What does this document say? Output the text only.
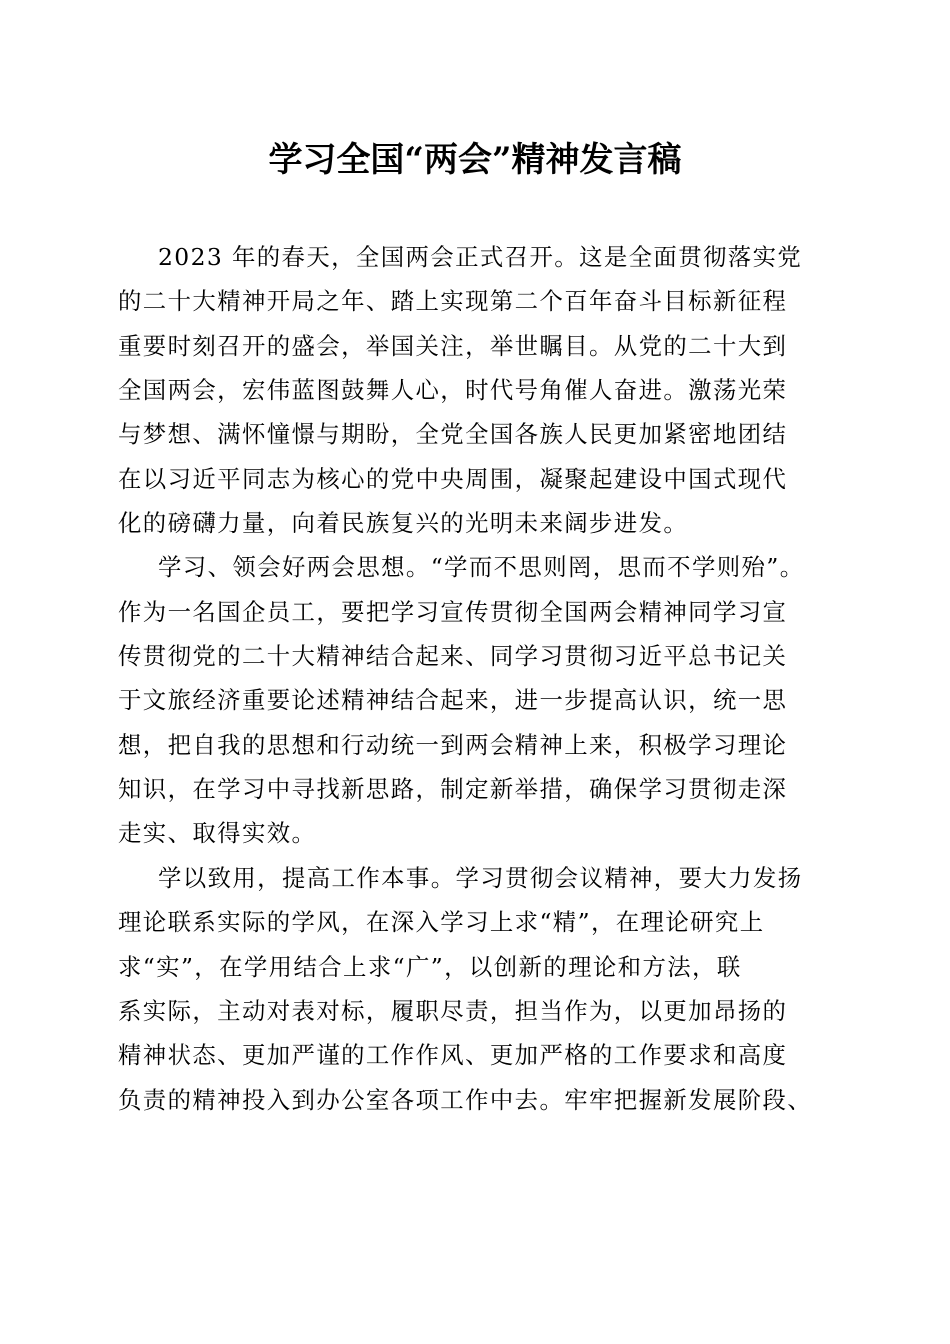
学习全国“两会”精神发言稿
2023 年的春天，全国两会正式召开。这是全面贯彻落实党
的二十大精神开局之年、踏上实现第二个百年奋斗目标新征程
重要时刻召开的盛会，举国关注，举世瞩目。从党的二十大到
全国两会，宏伟蓝图鼓舞人心，时代号角催人奋进。激荡光荣
与梦想、满怀憧憬与期盼，全党全国各族人民更加紧密地团结
在以习近平同志为核心的党中央周围，凝聚起建设中国式现代
化的磅礴力量，向着民族复兴的光明未来阔步进发。
学习、领会好两会思想。“学而不思则罔，思而不学则殆”。
作为一名国企员工，要把学习宣传贯彻全国两会精神同学习宣
传贯彻党的二十大精神结合起来、同学习贯彻习近平总书记关
于文旅经济重要论述精神结合起来，进一步提高认识，统一思
想，把自我的思想和行动统一到两会精神上来，积极学习理论
知识，在学习中寻找新思路，制定新举措，确保学习贯彻走深
走实、取得实效。
学以致用，提高工作本事。学习贯彻会议精神，要大力发扬
理论联系实际的学风，在深入学习上求“精”，在理论研究上
求“实”，在学用结合上求“广”，以创新的理论和方法，联
系实际，主动对表对标，履职尽责，担当作为，以更加昂扬的
精神状态、更加严谨的工作作风、更加严格的工作要求和高度
负责的精神投入到办公室各项工作中去。牢牢把握新发展阶段、
